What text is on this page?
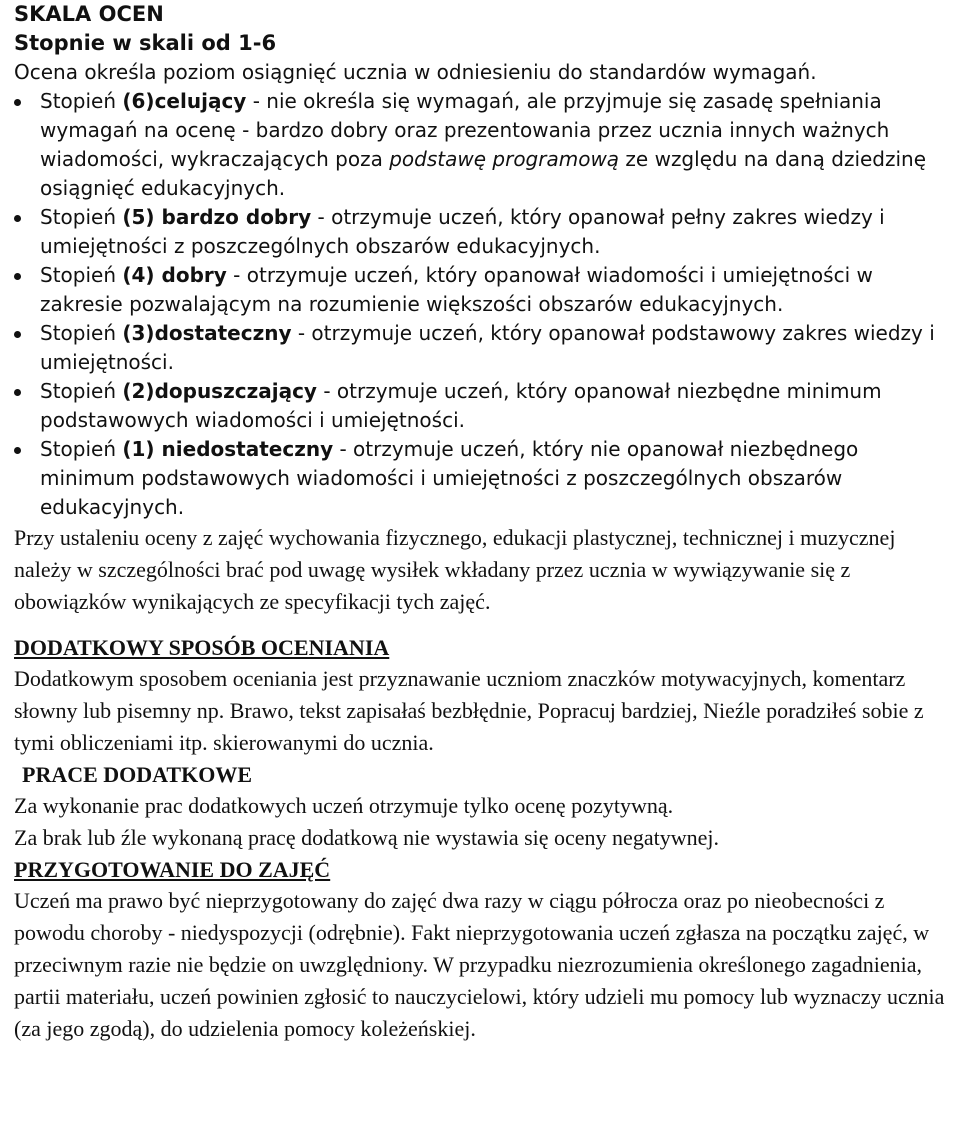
SKALA OCEN

Stopnie w skali od 1-6

Ocena określa poziom osiągnięć ucznia w odniesieniu do standardów wymagań.

Stopień (6)celujący - nie określa się wymagań, ale przyjmuje się zasadę spełniania wymagań na ocenę - bardzo dobry oraz prezentowania przez ucznia innych ważnych wiadomości, wykraczających poza podstawę programową ze względu na daną dziedzinę osiągnięć edukacyjnych.
Stopień (5) bardzo dobry - otrzymuje uczeń, który opanował pełny zakres wiedzy i umiejętności z poszczególnych obszarów edukacyjnych.
Stopień (4) dobry - otrzymuje uczeń, który opanował wiadomości i umiejętności w zakresie pozwalającym na rozumienie większości obszarów edukacyjnych.
Stopień (3)dostateczny - otrzymuje uczeń, który opanował podstawowy zakres wiedzy i umiejętności.
Stopień (2)dopuszczający - otrzymuje uczeń, który opanował niezbędne minimum podstawowych wiadomości i umiejętności.
Stopień (1) niedostateczny - otrzymuje uczeń, który nie opanował niezbędnego minimum podstawowych wiadomości i umiejętności z poszczególnych obszarów edukacyjnych.

Przy ustaleniu oceny z zajęć wychowania fizycznego, edukacji plastycznej, technicznej i muzycznej należy w szczególności brać pod uwagę wysiłek wkładany przez ucznia w wywiązywanie się z obowiązków wynikających ze specyfikacji tych zajęć.

DODATKOWY SPOSÓB OCENIANIA

Dodatkowym sposobem oceniania jest przyznawanie uczniom znaczków motywacyjnych, komentarz słowny lub pisemny np. Brawo, tekst zapisałaś bezbłędnie, Popracuj bardziej, Nieźle poradziłeś sobie z tymi obliczeniami itp. skierowanymi do ucznia.

PRACE DODATKOWE

Za wykonanie prac dodatkowych uczeń otrzymuje tylko ocenę pozytywną.

Za brak lub źle wykonaną pracę dodatkową nie wystawia się oceny negatywnej.

PRZYGOTOWANIE DO ZAJĘĆ

Uczeń ma prawo być nieprzygotowany do zajęć dwa razy w ciągu półrocza oraz po nieobecności z powodu choroby - niedyspozycji (odrębnie). Fakt nieprzygotowania uczeń zgłasza na początku zajęć, w przeciwnym razie nie będzie on uwzględniony. W przypadku niezrozumienia określonego zagadnienia, partii materiału, uczeń powinien zgłosić to nauczycielowi, który udzieli mu pomocy lub wyznaczy ucznia (za jego zgodą), do udzielenia pomocy koleżeńskiej.
